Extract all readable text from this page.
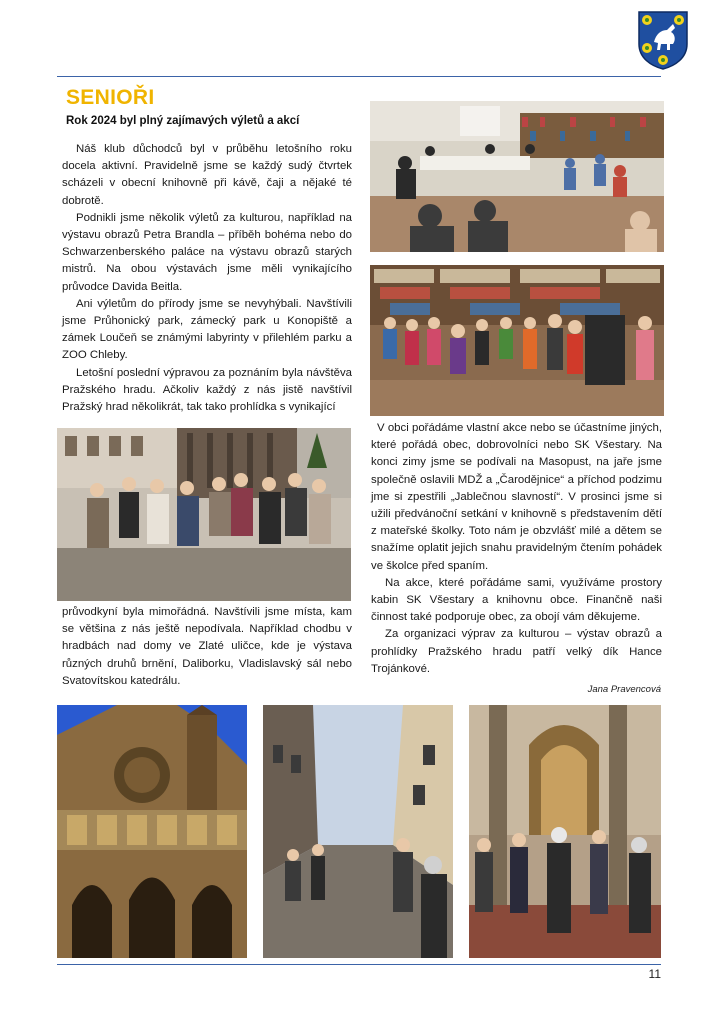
SENIOŘI
Rok 2024 byl plný zajímavých výletů a akcí

Náš klub důchodců byl v průběhu letošního roku docela aktivní. Pravidelně jsme se každý sudý čtvrtek scházeli v obecní knihovně při kávě, čaji a nějaké té dobrotě.

Podnikli jsme několik výletů za kulturou, například na výstavu obrazů Petra Brandla – příběh bohéma nebo do Schwarzenberského paláce na výstavu obrazů starých mistrů. Na obou výstavách jsme měli vynikajícího průvodce Davida Beitla.

Ani výletům do přírody jsme se nevyhýbali. Navštívili jsme Průhonický park, zámecký park u Konopiště a zámek Loučeň se známými labyrinty v přilehlém parku a ZOO Chleby.

Letošní poslední výpravou za poznáním byla návštěva Pražského hradu. Ačkoliv každý z nás jistě navštívil Pražský hrad několikrát, tak tako prohlídka s vynikající

průvodkyní byla mimořádná. Navštívili jsme místa, kam se většina z nás ještě nepodívala. Například chodbu v hradbách nad domy ve Zlaté uličce, kde je výstava různých druhů brnění, Daliborku, Vladislavský sál nebo Svatovítskou katedrálu.

V obci pořádáme vlastní akce nebo se účastníme jiných, které pořádá obec, dobrovolníci nebo SK Všestary. Na konci zimy jsme se podívali na Masopust, na jaře jsme společně oslavili MDŽ a „Čarodějnice“ a příchod podzimu jme si zpestřili „Jablečnou slavností“. V prosinci jsme si užili předvánoční setkání v knihovně s představením dětí z mateřské školky. Toto nám je obzvlášť milé a dětem se snažíme oplatit jejich snahu pravidelným čtením pohádek ve školce před spaním.

Na akce, které pořádáme sami, využíváme prostory kabin SK Všestary a knihovnu obce. Finančně naši činnost také podporuje obec, za obojí vám děkujeme.

Za organizaci výprav za kulturou – výstav obrazů a prohlídky Pražského hradu patří velký dík Hance Trojánkové.

Jana Pravencová
11
